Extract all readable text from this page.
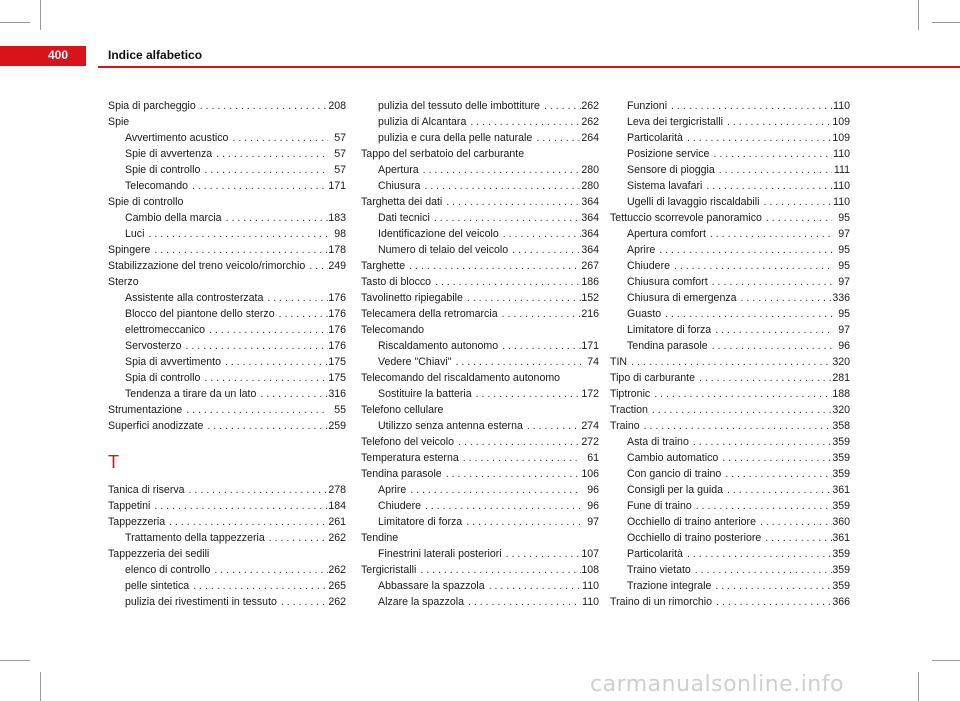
400	Indice alfabetico
Spia di parcheggio . . .	208
Spie
Avvertimento acustico . . .	57
Spie di avvertenza . . .	57
Spie di controllo . . .	57
Telecomando . . .	171
Spie di controllo
Cambio della marcia . . .	183
Luci . . .	98
Spingere . . .	178
Stabilizzazione del treno veicolo/rimorchio . . . 249
Sterzo
Assistente alla controsterzata . . .	176
Blocco del piantone dello sterzo . . .	176
elettromeccanico . . .	176
Servosterzo . . .	176
Spia di avvertimento . . .	175
Spia di controllo . . .	175
Tendenza a tirare da un lato . . .	316
Strumentazione . . .	55
Superfici anodizzate . . .	259
T
Tanica di riserva . . .	278
Tappetini . . .	184
Tappezzeria . . .	261
Trattamento della tappezzeria . . .	262
Tappezzeria dei sedili
elenco di controllo . . .	262
pelle sintetica . . .	265
pulizia dei rivestimenti in tessuto . . .	262
pulizia del tessuto delle imbottiture . . .	262
pulizia di Alcantara . . .	262
pulizia e cura della pelle naturale . . .	264
Tappo del serbatoio del carburante
Apertura . . .	280
Chiusura . . .	280
Targhetta dei dati . . .	364
Dati tecnici . . .	364
Identificazione del veicolo . . .	364
Numero di telaio del veicolo . . .	364
Targhette . . .	267
Tasto di blocco . . .	186
Tavolinetto ripiegabile . . .	152
Telecamera della retromarcia . . .	216
Telecomando
Riscaldamento autonomo . . .	171
Vedere "Chiavi" . . .	74
Telecomando del riscaldamento autonomo
Sostituire la batteria . . .	172
Telefono cellulare
Utilizzo senza antenna esterna . . .	274
Telefono del veicolo . . .	272
Temperatura esterna . . .	61
Tendina parasole . . .	106
Aprire . . .	96
Chiudere . . .	96
Limitatore di forza . . .	97
Tendine
Finestrini laterali posteriori . . .	107
Tergicristalli . . .	108
Abbassare la spazzola . . .	110
Alzare la spazzola . . .	110
Funzioni . . .	110
Leva dei tergicristalli . . .	109
Particolarità . . .	109
Posizione service . . .	110
Sensore di pioggia . . .	111
Sistema lavafari . . .	110
Ugelli di lavaggio riscaldabili . . .	110
Tettuccio scorrevole panoramico . . .	95
Apertura comfort . . .	97
Aprire . . .	95
Chiudere . . .	95
Chiusura comfort . . .	97
Chiusura di emergenza . . .	336
Guasto . . .	95
Limitatore di forza . . .	97
Tendina parasole . . .	96
TIN . . .	320
Tipo di carburante . . .	281
Tiptronic . . .	188
Traction . . .	320
Traino . . .	358
Asta di traino . . .	359
Cambio automatico . . .	359
Con gancio di traino . . .	359
Consigli per la guida . . .	361
Fune di traino . . .	359
Occhiello di traino anteriore . . .	360
Occhiello di traino posteriore . . .	361
Particolarità . . .	359
Traino vietato . . .	359
Trazione integrale . . .	359
Traino di un rimorchio . . .	366
carmanualsonline.info
